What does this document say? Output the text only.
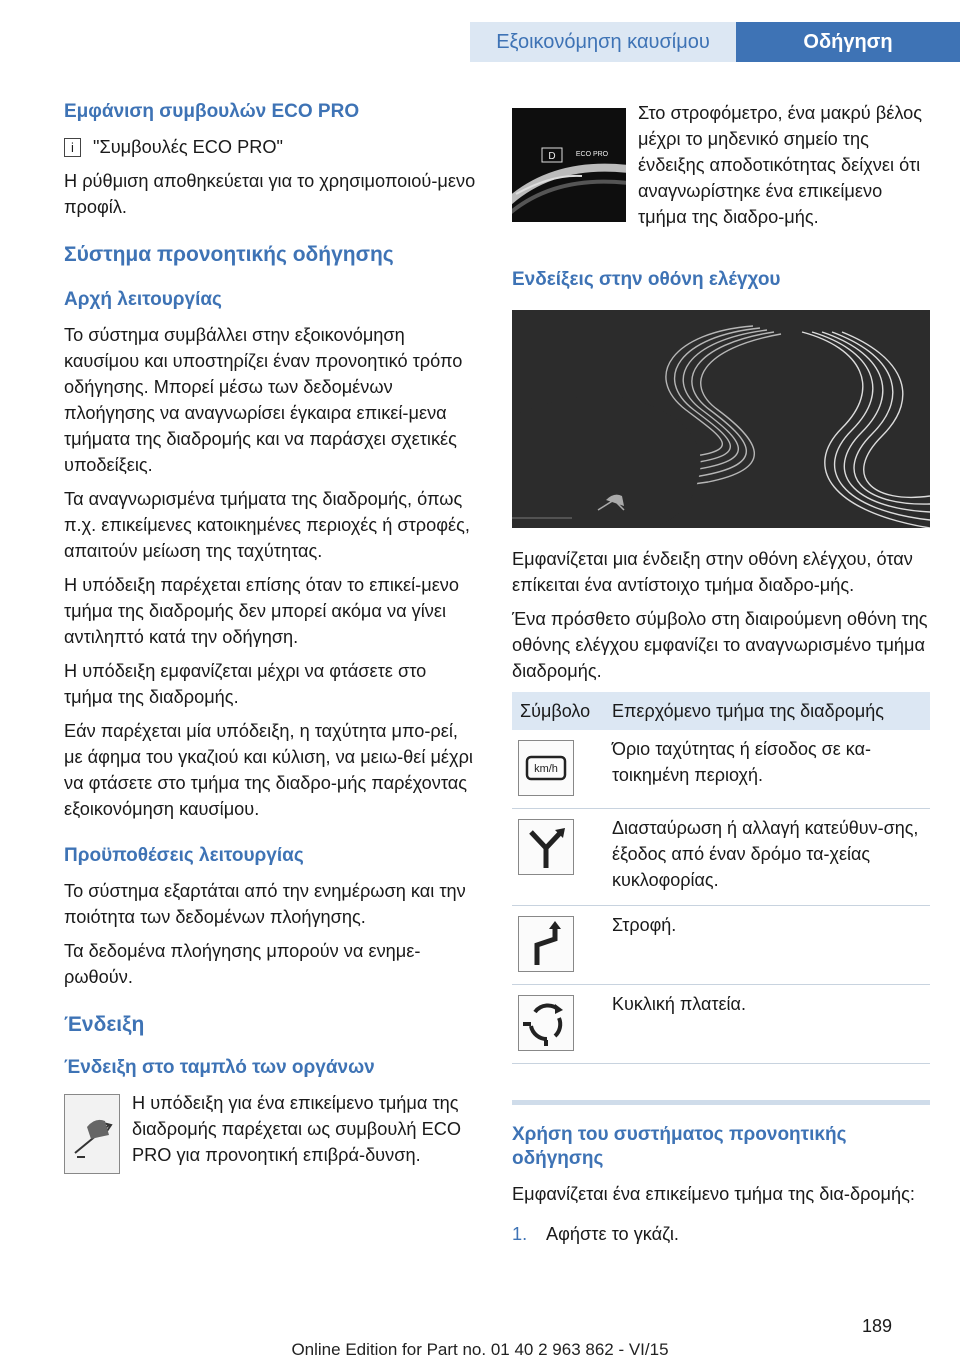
Εξοικονόμηση καυσίμου	Οδήγηση
Εμφάνιση συμβουλών ECO PRO
i "Συμβουλές ECO PRO"
Η ρύθμιση αποθηκεύεται για το χρησιμοποιού-μενο προφίλ.
Σύστημα προνοητικής οδήγησης
Αρχή λειτουργίας
Το σύστημα συμβάλλει στην εξοικονόμηση καυσίμου και υποστηρίζει έναν προνοητικό τρόπο οδήγησης. Μπορεί μέσω των δεδομένων πλοήγησης να αναγνωρίσει έγκαιρα επικεί-μενα τμήματα της διαδρομής και να παράσχει σχετικές υποδείξεις.
Τα αναγνωρισμένα τμήματα της διαδρομής, όπως π.χ. επικείμενες κατοικημένες περιοχές ή στροφές, απαιτούν μείωση της ταχύτητας.
Η υπόδειξη παρέχεται επίσης όταν το επικεί-μενο τμήμα της διαδρομής δεν μπορεί ακόμα να γίνει αντιληπτό κατά την οδήγηση.
Η υπόδειξη εμφανίζεται μέχρι να φτάσετε στο τμήμα της διαδρομής.
Εάν παρέχεται μία υπόδειξη, η ταχύτητα μπο-ρεί, με άφημα του γκαζιού και κύλιση, να μειω-θεί μέχρι να φτάσετε στο τμήμα της διαδρο-μής παρέχοντας εξοικονόμηση καυσίμου.
Προϋποθέσεις λειτουργίας
Το σύστημα εξαρτάται από την ενημέρωση και την ποιότητα των δεδομένων πλοήγησης.
Τα δεδομένα πλοήγησης μπορούν να ενημε-ρωθούν.
Ένδειξη
Ένδειξη στο ταμπλό των οργάνων
Η υπόδειξη για ένα επικείμενο τμήμα της διαδρομής παρέχεται ως συμβουλή ECO PRO για προνοητική επιβρά-δυνση.
D	ECO PRO
Στο στροφόμετρο, ένα μακρύ βέλος μέχρι το μηδενικό σημείο της ένδειξης αποδοτικότητας δείχνει ότι αναγνωρίστηκε ένα επικείμενο τμήμα της διαδρο-μής.
Ενδείξεις στην οθόνη ελέγχου
Εμφανίζεται μια ένδειξη στην οθόνη ελέγχου, όταν επίκειται ένα αντίστοιχο τμήμα διαδρο-μής.
Ένα πρόσθετο σύμβολο στη διαιρούμενη οθόνη της οθόνης ελέγχου εμφανίζει το αναγνωρισμένο τμήμα διαδρομής.
Σύμβολο	Επερχόμενο τμήμα της διαδρομής

km/h	Όριο ταχύτητας ή είσοδος σε κα-τοικημένη περιοχή.

	Διασταύρωση ή αλλαγή κατεύθυν-σης, έξοδος από έναν δρόμο τα-χείας κυκλοφορίας.

	Στροφή.

	Κυκλική πλατεία.
Χρήση του συστήματος προνοητικής οδήγησης
Εμφανίζεται ένα επικείμενο τμήμα της δια-δρομής:
1. Αφήστε το γκάζι.
189
Online Edition for Part no. 01 40 2 963 862 - VI/15
